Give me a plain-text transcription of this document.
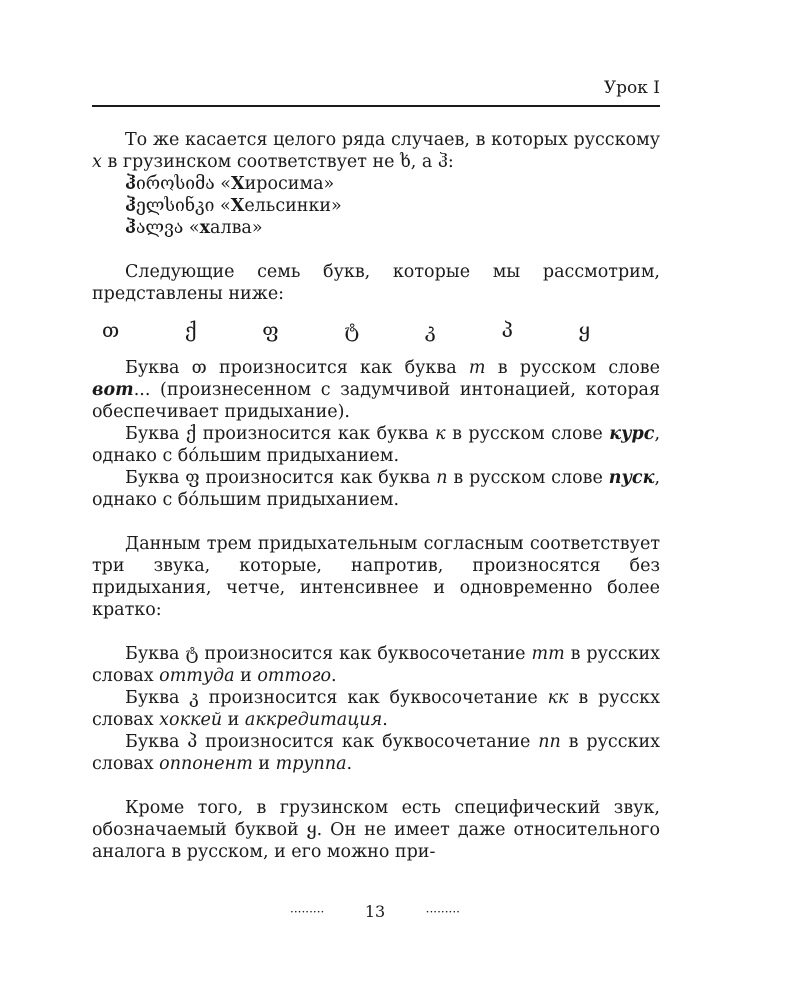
Урок I

То же касается целого ряда случаев, в которых русскому х в грузинском соответствует не ხ, а ჰ:

ჰიროსიმა «Хиросима»
ჰელსინკი «Хельсинки»
ჰალვა «халва»

Следующие семь букв, которые мы рассмотрим, представлены ниже:

თ	ქ	ფ	ტ	კ	პ	ყ

Буква თ произносится как буква т в русском слове вот... (произнесенном с задумчивой интонацией, которая обеспечивает придыхание).

Буква ქ произносится как буква к в русском слове курс, однако с бóльшим придыханием.

Буква ფ произносится как буква п в русском слове пуск, однако с бóльшим придыханием.

Данным трем придыхательным согласным соответствует три звука, которые, напротив, произносятся без придыхания, четче, интенсивнее и одновременно более кратко:

Буква ტ произносится как буквосочетание тт в русских словах оттуда и оттого.

Буква კ произносится как буквосочетание кк в русскх словах хоккей и аккредитация.

Буква პ произносится как буквосочетание пп в русских словах оппонент и труппа.

Кроме того, в грузинском есть специфический звук, обозначаемый буквой ყ. Он не имеет даже относительного аналога в русском, и его можно при-

·········	13	·········
